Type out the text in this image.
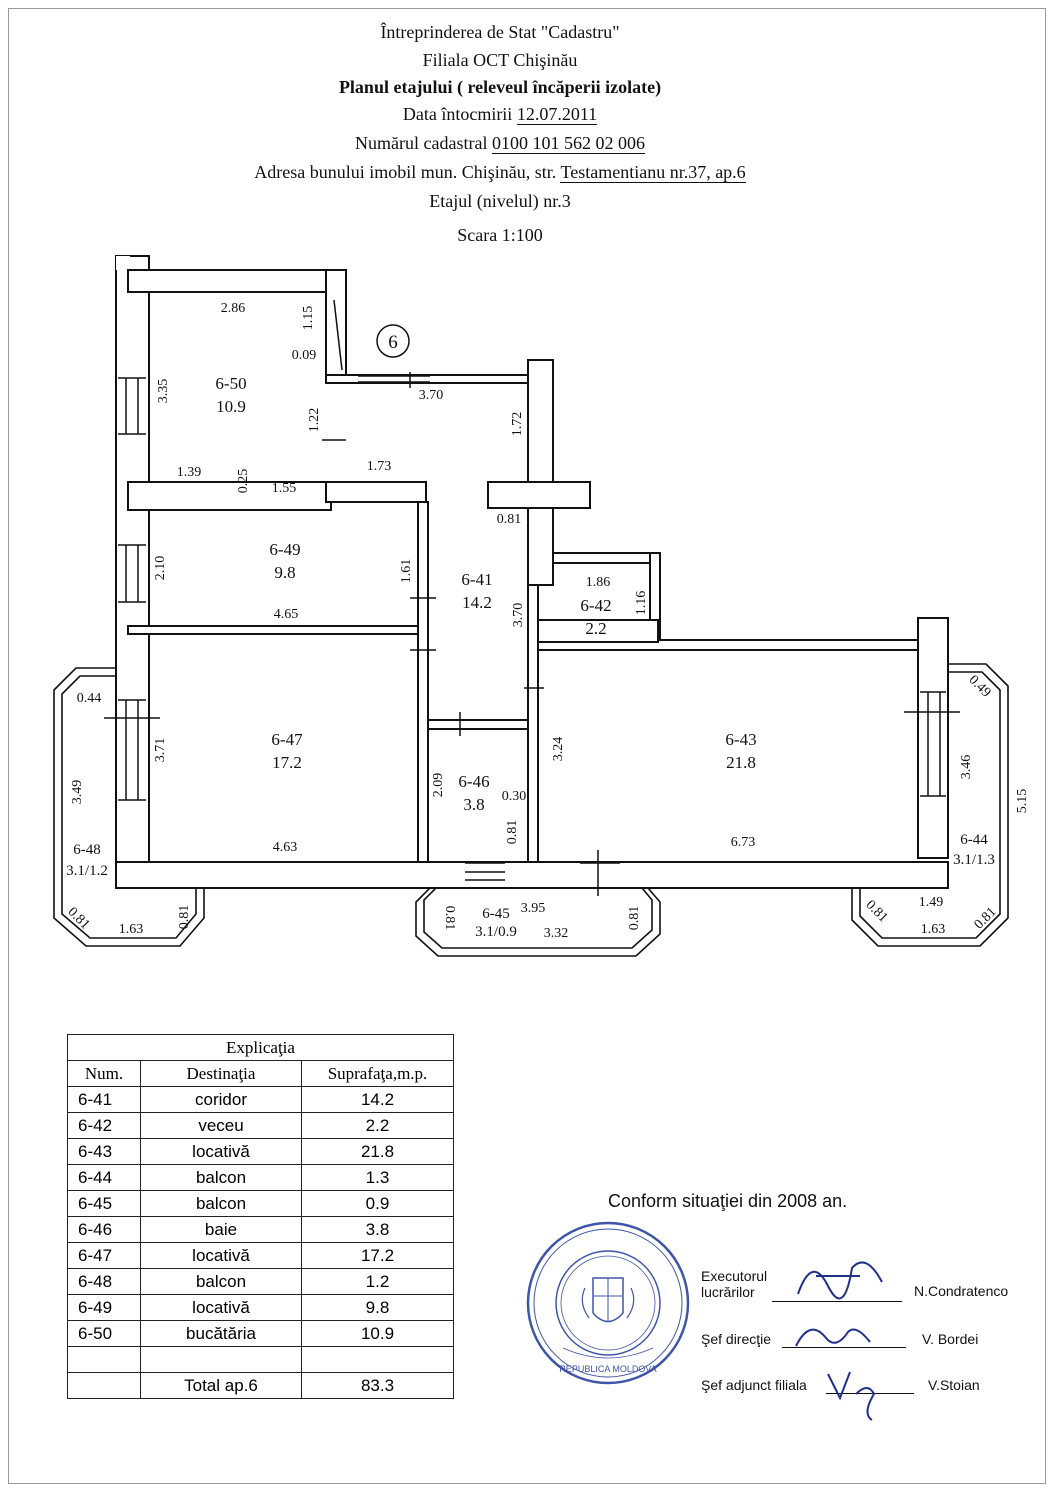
Întreprinderea de Stat "Cadastru"
Filiala OCT Chişinău
Planul etajului ( releveul încăperii izolate)
Data întocmirii 12.07.2011
Numărul cadastral 0100 101 562 02 006
Adresa bunului imobil mun. Chişinău, str. Testamentianu nr.37, ap.6
Etajul (nivelul) nr.3
Scara 1:100
6
6-50
10.9
6-49
9.8
6-47
17.2
6-41
14.2	6-42
2.2
6-43
21.8
6-46
3.8
6-48
3.1/1.2
6-45
3.1/0.9
6-44
3.1/1.3
2.86	1.15
0.09
3.35
1.22
1.39 0.25 1.55
1.73
3.70
1.72
0.81
2.10	1.61
4.65
1.86
1.16
3.70
0.44
3.71
3.49
4.63
2.09	0.30
0.81
3.24
6.73
0.49
3.46
5.15
0.81 1.63
0.81	0.81	3.95
3.32
0.81	0.81 1.49
1.63 0.81
Explicaţia		
Num.	Destinaţia	Suprafaţa,m.p.
6-41	coridor	14.2
6-42	veceu	2.2
6-43	locativă	21.8
6-44	balcon	1.3
6-45	balcon	0.9
6-46	baie	3.8
6-47	locativă	17.2
6-48	balcon	1.2
6-49	locativă	9.8
6-50	bucătăria	10.9

	Total ap.6	83.3
Conform situaţiei din 2008 an.
REPUBLICA MOLDOVA
Executorul
lucrărilor	N.Condratenco
Şef direcţie	V. Bordei
Şef adjunct filiala	V.Stoian
